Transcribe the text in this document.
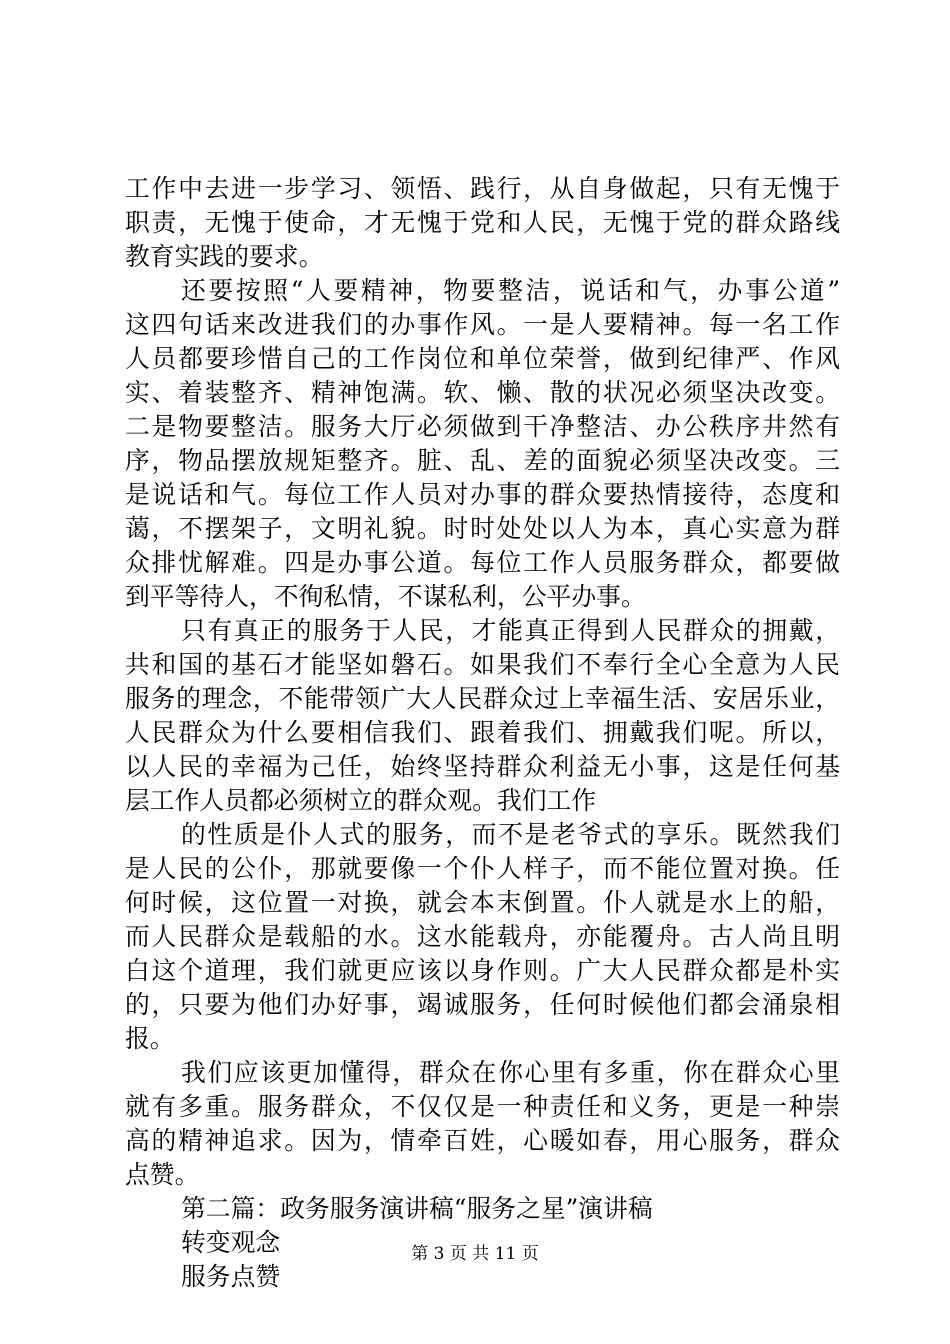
工作中去进一步学习、领悟、践行，从自身做起，只有无愧于
职责，无愧于使命，才无愧于党和人民，无愧于党的群众路线
教育实践的要求。
还要按照“人要精神，物要整洁，说话和气，办事公道”
这四句话来改进我们的办事作风。一是人要精神。每一名工作
人员都要珍惜自己的工作岗位和单位荣誉，做到纪律严、作风
实、着装整齐、精神饱满。软、懒、散的状况必须坚决改变。
二是物要整洁。服务大厅必须做到干净整洁、办公秩序井然有
序，物品摆放规矩整齐。脏、乱、差的面貌必须坚决改变。三
是说话和气。每位工作人员对办事的群众要热情接待，态度和
蔼，不摆架子，文明礼貌。时时处处以人为本，真心实意为群
众排忧解难。四是办事公道。每位工作人员服务群众，都要做
到平等待人，不徇私情，不谋私利，公平办事。
只有真正的服务于人民，才能真正得到人民群众的拥戴，
共和国的基石才能坚如磐石。如果我们不奉行全心全意为人民
服务的理念，不能带领广大人民群众过上幸福生活、安居乐业，
人民群众为什么要相信我们、跟着我们、拥戴我们呢。所以，
以人民的幸福为己任，始终坚持群众利益无小事，这是任何基
层工作人员都必须树立的群众观。我们工作
的性质是仆人式的服务，而不是老爷式的享乐。既然我们
是人民的公仆，那就要像一个仆人样子，而不能位置对换。任
何时候，这位置一对换，就会本末倒置。仆人就是水上的船，
而人民群众是载船的水。这水能载舟，亦能覆舟。古人尚且明
白这个道理，我们就更应该以身作则。广大人民群众都是朴实
的，只要为他们办好事，竭诚服务，任何时候他们都会涌泉相
报。
我们应该更加懂得，群众在你心里有多重，你在群众心里
就有多重。服务群众，不仅仅是一种责任和义务，更是一种崇
高的精神追求。因为，情牵百姓，心暖如春，用心服务，群众
点赞。
第二篇：政务服务演讲稿“服务之星”演讲稿
转变观念
服务点赞
第 3 页 共 11 页
